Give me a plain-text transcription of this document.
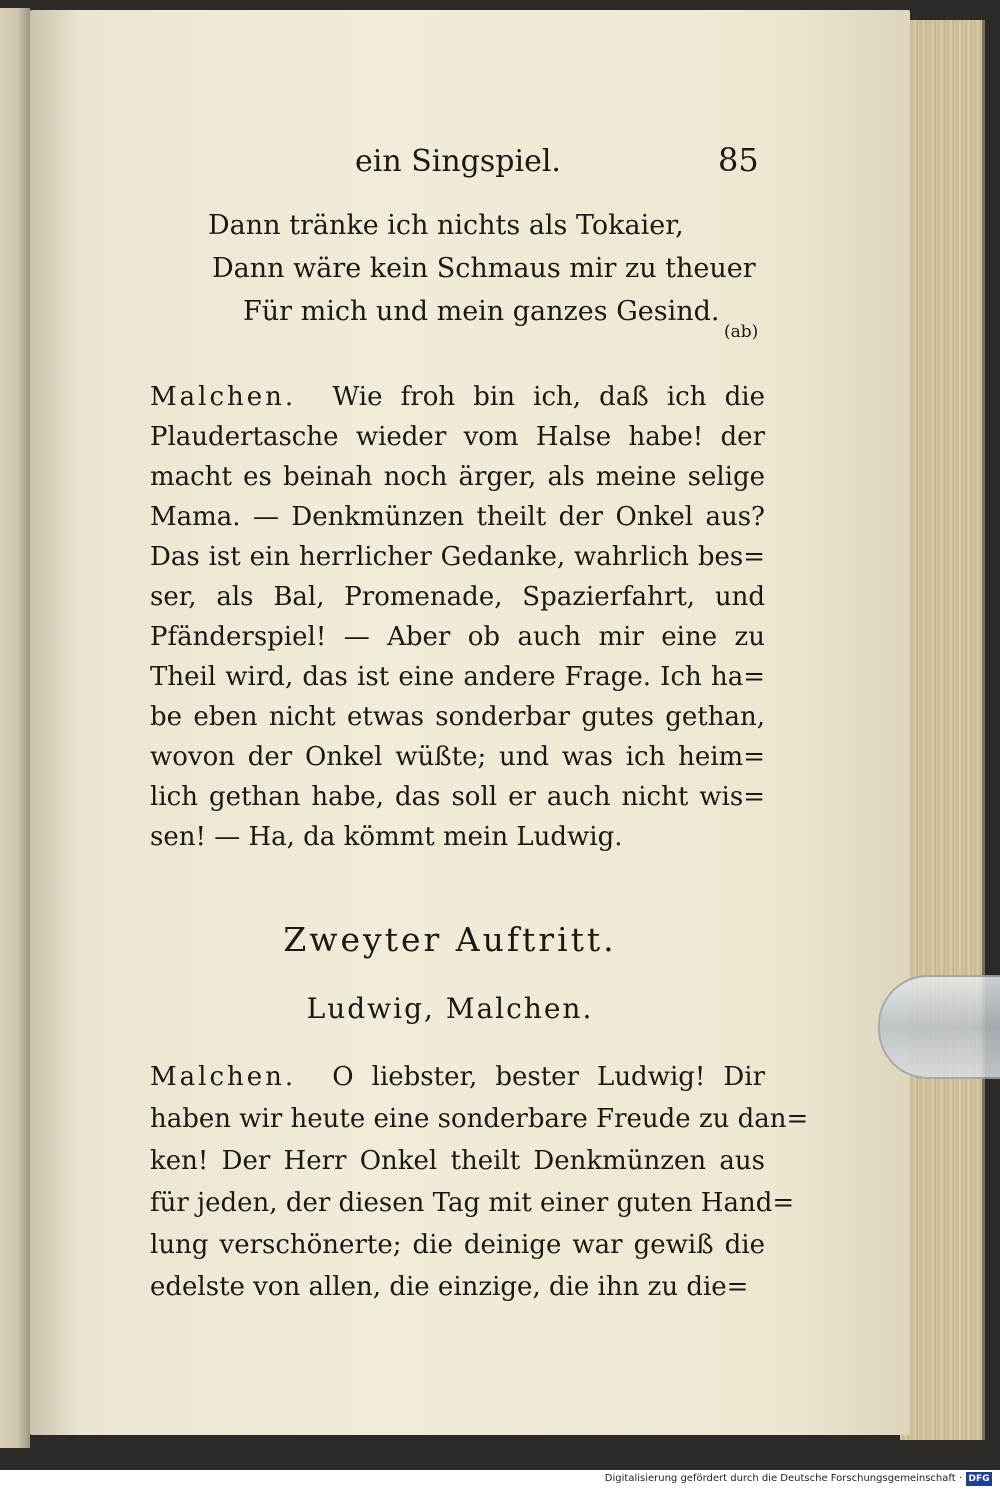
ein Singspiel.	85
Dann tränke ich nichts als Tokaier,
Dann wäre kein Schmaus mir zu theuer
Für mich und mein ganzes Gesind.
(ab)
Malchen. Wie froh bin ich, daß ich die
Plaudertasche wieder vom Halse habe! der
macht es beinah noch ärger, als meine selige
Mama. — Denkmünzen theilt der Onkel aus?
Das ist ein herrlicher Gedanke, wahrlich bes=
ser, als Bal, Promenade, Spazierfahrt, und
Pfänderspiel! — Aber ob auch mir eine zu
Theil wird, das ist eine andere Frage. Ich ha=
be eben nicht etwas sonderbar gutes gethan,
wovon der Onkel wüßte; und was ich heim=
lich gethan habe, das soll er auch nicht wis=
sen! — Ha, da kömmt mein Ludwig.
Zweyter Auftritt.
Ludwig, Malchen.
Malchen. O liebster, bester Ludwig! Dir
haben wir heute eine sonderbare Freude zu dan=
ken! Der Herr Onkel theilt Denkmünzen aus
für jeden, der diesen Tag mit einer guten Hand=
lung verschönerte; die deinige war gewiß die
edelste von allen, die einzige, die ihn zu die=
Digitalisierung gefördert durch die Deutsche Forschungsgemeinschaft · DFG
